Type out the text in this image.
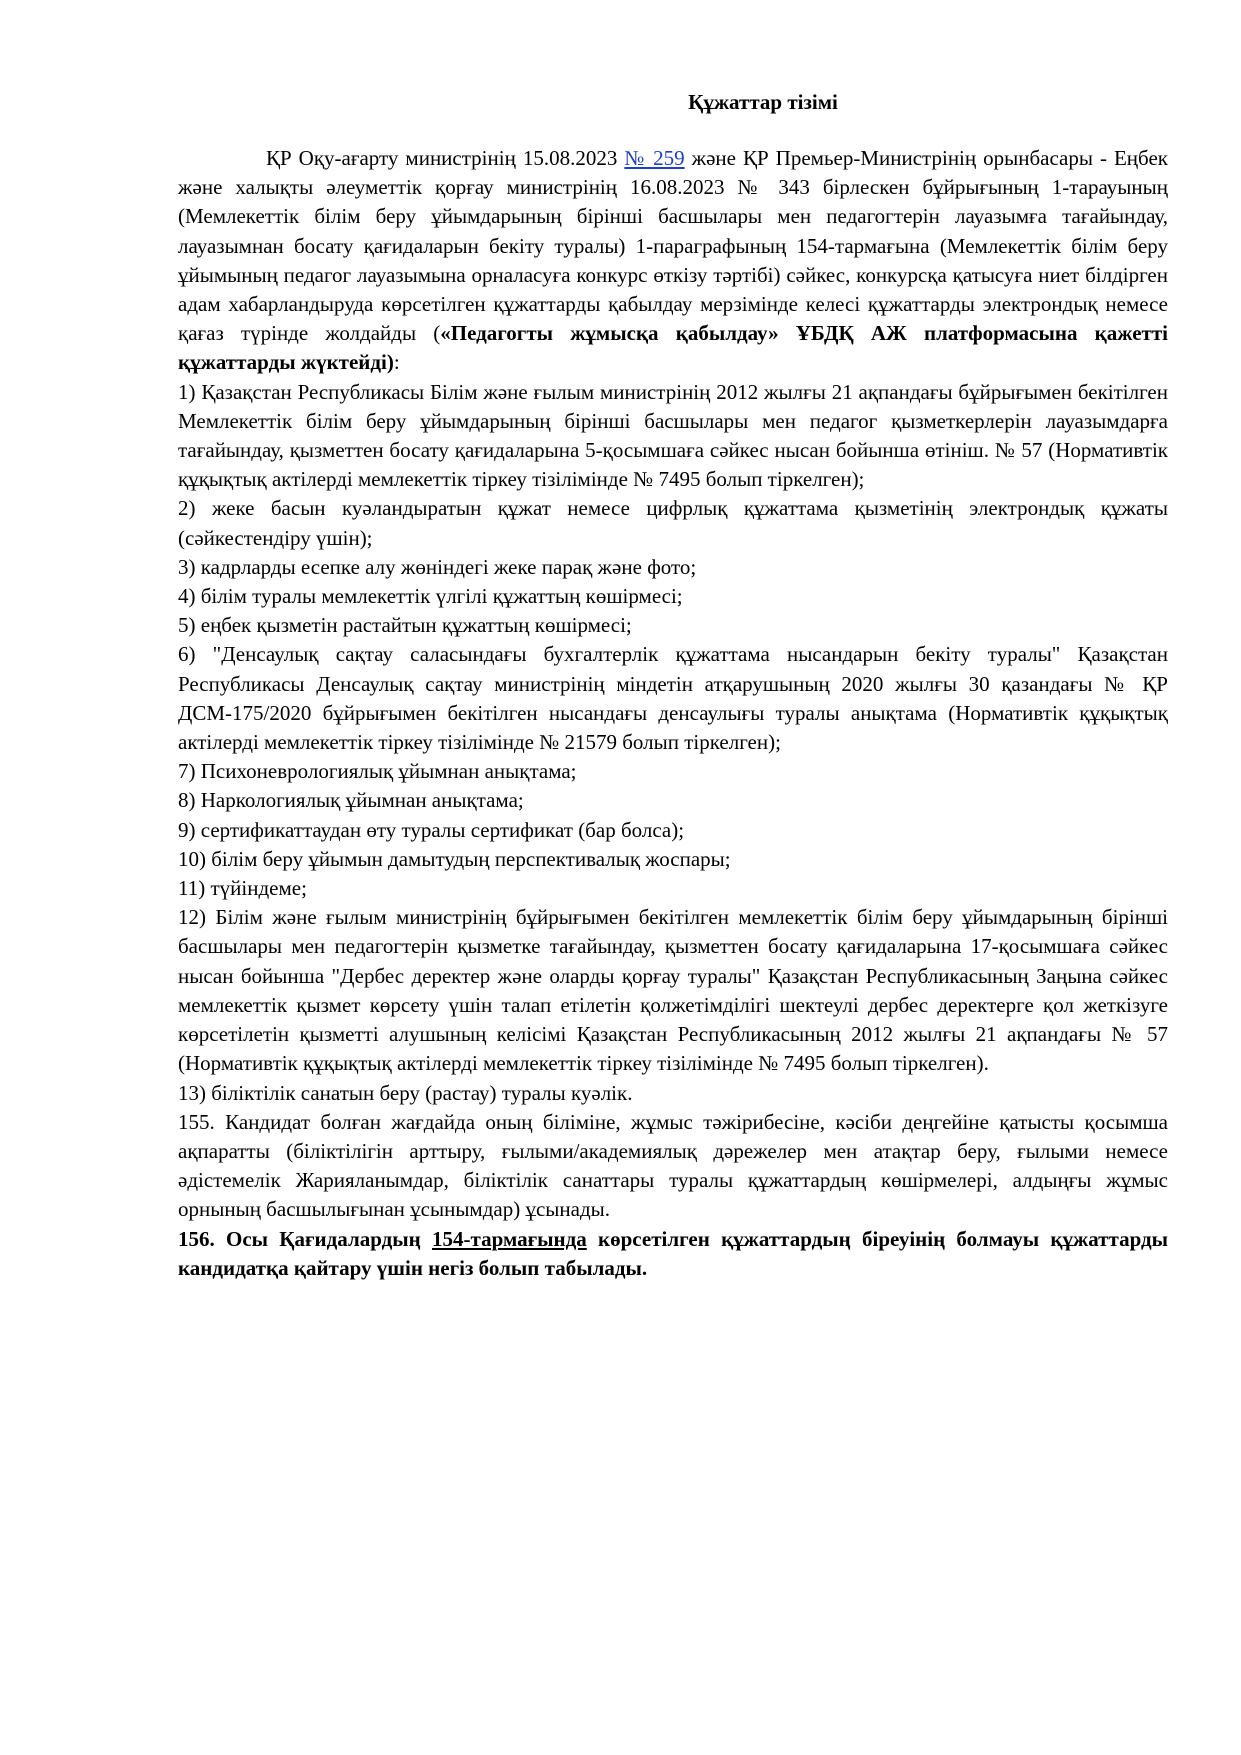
Құжаттар тізімі

ҚР Оқу-ағарту министрінің 15.08.2023 № 259 және ҚР Премьер-Министрінің орынбасары - Еңбек және халықты әлеуметтік қорғау министрінің 16.08.2023 № 343 бірлескен бұйрығының 1-тарауының (Мемлекеттік білім беру ұйымдарының бірінші басшылары мен педагогтерін лауазымға тағайындау, лауазымнан босату қағидаларын бекіту туралы) 1-параграфының 154-тармағына (Мемлекеттік білім беру ұйымының педагог лауазымына орналасуға конкурс өткізу тәртібі) сәйкес, конкурсқа қатысуға ниет білдірген адам хабарландыруда көрсетілген құжаттарды қабылдау мерзімінде келесі құжаттарды электрондық немесе қағаз түрінде жолдайды («Педагогты жұмысқа қабылдау» ҰБДҚ АЖ платформасына қажетті құжаттарды жүктейді):

1) Қазақстан Республикасы Білім және ғылым министрінің 2012 жылғы 21 ақпандағы бұйрығымен бекітілген Мемлекеттік білім беру ұйымдарының бірінші басшылары мен педагог қызметкерлерін лауазымдарға тағайындау, қызметтен босату қағидаларына 5-қосымшаға сәйкес нысан бойынша өтініш. № 57 (Нормативтік құқықтық актілерді мемлекеттік тіркеу тізілімінде № 7495 болып тіркелген);

2) жеке басын куәландыратын құжат немесе цифрлық құжаттама қызметінің электрондық құжаты (сәйкестендіру үшін);

3) кадрларды есепке алу жөніндегі жеке парақ және фото;

4) білім туралы мемлекеттік үлгілі құжаттың көшірмесі;

5) еңбек қызметін растайтын құжаттың көшірмесі;

6) "Денсаулық сақтау саласындағы бухгалтерлік құжаттама нысандарын бекіту туралы" Қазақстан Республикасы Денсаулық сақтау министрінің міндетін атқарушының 2020 жылғы 30 қазандағы № ҚР ДСМ-175/2020 бұйрығымен бекітілген нысандағы денсаулығы туралы анықтама (Нормативтік құқықтық актілерді мемлекеттік тіркеу тізілімінде № 21579 болып тіркелген);

7) Психоневрологиялық ұйымнан анықтама;

8) Наркологиялық ұйымнан анықтама;

9) сертификаттаудан өту туралы сертификат (бар болса);

10) білім беру ұйымын дамытудың перспективалық жоспары;

11) түйіндеме;

12) Білім және ғылым министрінің бұйрығымен бекітілген мемлекеттік білім беру ұйымдарының бірінші басшылары мен педагогтерін қызметке тағайындау, қызметтен босату қағидаларына 17-қосымшаға сәйкес нысан бойынша "Дербес деректер және оларды қорғау туралы" Қазақстан Республикасының Заңына сәйкес мемлекеттік қызмет көрсету үшін талап етілетін қолжетімділігі шектеулі дербес деректерге қол жеткізуге көрсетілетін қызметті алушының келісімі Қазақстан Республикасының 2012 жылғы 21 ақпандағы № 57 (Нормативтік құқықтық актілерді мемлекеттік тіркеу тізілімінде № 7495 болып тіркелген).

13) біліктілік санатын беру (растау) туралы куәлік.

155. Кандидат болған жағдайда оның біліміне, жұмыс тәжірибесіне, кәсіби деңгейіне қатысты қосымша ақпаратты (біліктілігін арттыру, ғылыми/академиялық дәрежелер мен атақтар беру, ғылыми немесе әдістемелік Жарияланымдар, біліктілік санаттары туралы құжаттардың көшірмелері, алдыңғы жұмыс орнының басшылығынан ұсынымдар) ұсынады.

156. Осы Қағидалардың 154-тармағында көрсетілген құжаттардың біреуінің болмауы құжаттарды кандидатқа қайтару үшін негіз болып табылады.
